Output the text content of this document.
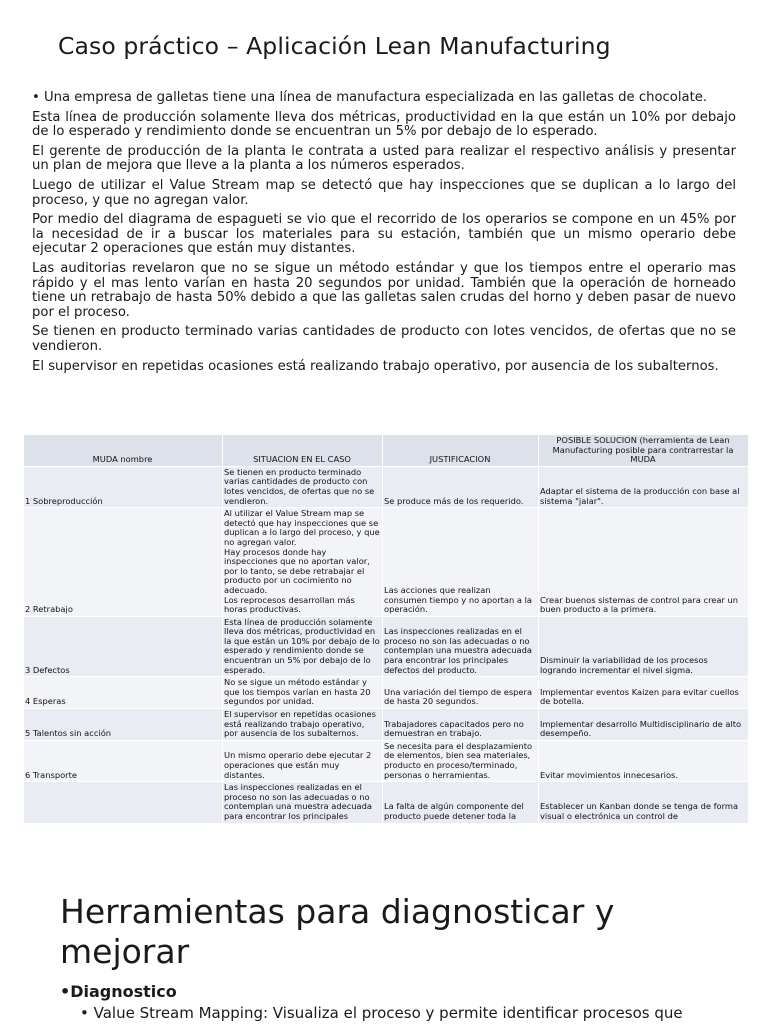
Caso práctico – Aplicación Lean Manufacturing

• Una empresa de galletas tiene una línea de manufactura especializada en las galletas de chocolate.

Esta línea de producción solamente lleva dos métricas, productividad en la que están un 10% por debajo de lo esperado y rendimiento donde se encuentran un 5% por debajo de lo esperado.

El gerente de producción de la planta le contrata a usted para realizar el respectivo análisis y presentar un plan de mejora que lleve a la planta a los números esperados.

Luego de utilizar el Value Stream map se detectó que hay inspecciones que se duplican a lo largo del proceso, y que no agregan valor.

Por medio del diagrama de espagueti se vio que el recorrido de los operarios se compone en un 45% por la necesidad de ir a buscar los materiales para su estación, también que un mismo operario debe ejecutar 2 operaciones que están muy distantes.

Las auditorias revelaron que no se sigue un método estándar y que los tiempos entre el operario mas rápido y el mas lento varían en hasta 20 segundos por unidad. También que la operación de horneado tiene un retrabajo de hasta 50% debido a que las galletas salen crudas del horno y deben pasar de nuevo por el proceso.

Se tienen en producto terminado varias cantidades de producto con lotes vencidos, de ofertas que no se vendieron.

El supervisor en repetidas ocasiones está realizando trabajo operativo, por ausencia de los subalternos.

MUDA nombre	SITUACION EN EL CASO	JUSTIFICACION	POSIBLE SOLUCION (herramienta de Lean Manufacturing posible para contrarrestar la MUDA
1 Sobreproducción	Se tienen en producto terminado varias cantidades de producto con lotes vencidos, de ofertas que no se vendieron.	Se produce más de los requerido.	Adaptar el sistema de la producción con base al sistema "jalar".
2 Retrabajo	Al utilizar el Value Stream map se detectó que hay inspecciones que se duplican a lo largo del proceso, y que no agregan valor.
Hay procesos donde hay inspecciones que no aportan valor, por lo tanto, se debe retrabajar el producto por un cocimiento no adecuado.
Los reprocesos desarrollan más horas productivas.	Las acciones que realizan consumen tiempo y no aportan a la operación.	Crear buenos sistemas de control para crear un buen producto a la primera.
3 Defectos	Esta línea de producción solamente lleva dos métricas, productividad en la que están un 10% por debajo de lo esperado y rendimiento donde se encuentran un 5% por debajo de lo esperado.	Las inspecciones realizadas en el proceso no son las adecuadas o no contemplan una muestra adecuada para encontrar los principales defectos del producto.	Disminuir la variabilidad de los procesos logrando incrementar el nivel sigma.
4 Esperas	No se sigue un método estándar y que los tiempos varían en hasta 20 segundos por unidad.	Una variación del tiempo de espera de hasta 20 segundos.	Implementar eventos Kaizen para evitar cuellos de botella.
5 Talentos sin acción	El supervisor en repetidas ocasiones está realizando trabajo operativo, por ausencia de los subalternos.	Trabajadores capacitados pero no demuestran en trabajo.	Implementar desarrollo Multidisciplinario de alto desempeño.
6 Transporte	Un mismo operario debe ejecutar 2 operaciones que están muy distantes.	Se necesita para el desplazamiento de elementos, bien sea materiales, producto en proceso/terminado, personas o herramientas.	Evitar movimientos innecesarios.
	Las inspecciones realizadas en el proceso no son las adecuadas o no contemplan una muestra adecuada para encontrar los principales	La falta de algún componente del producto puede detener toda la	Establecer un Kanban donde se tenga de forma visual o electrónica un control de
Herramientas para diagnosticar y mejorar
•Diagnostico
• Value Stream Mapping: Visualiza el proceso y permite identificar procesos que
